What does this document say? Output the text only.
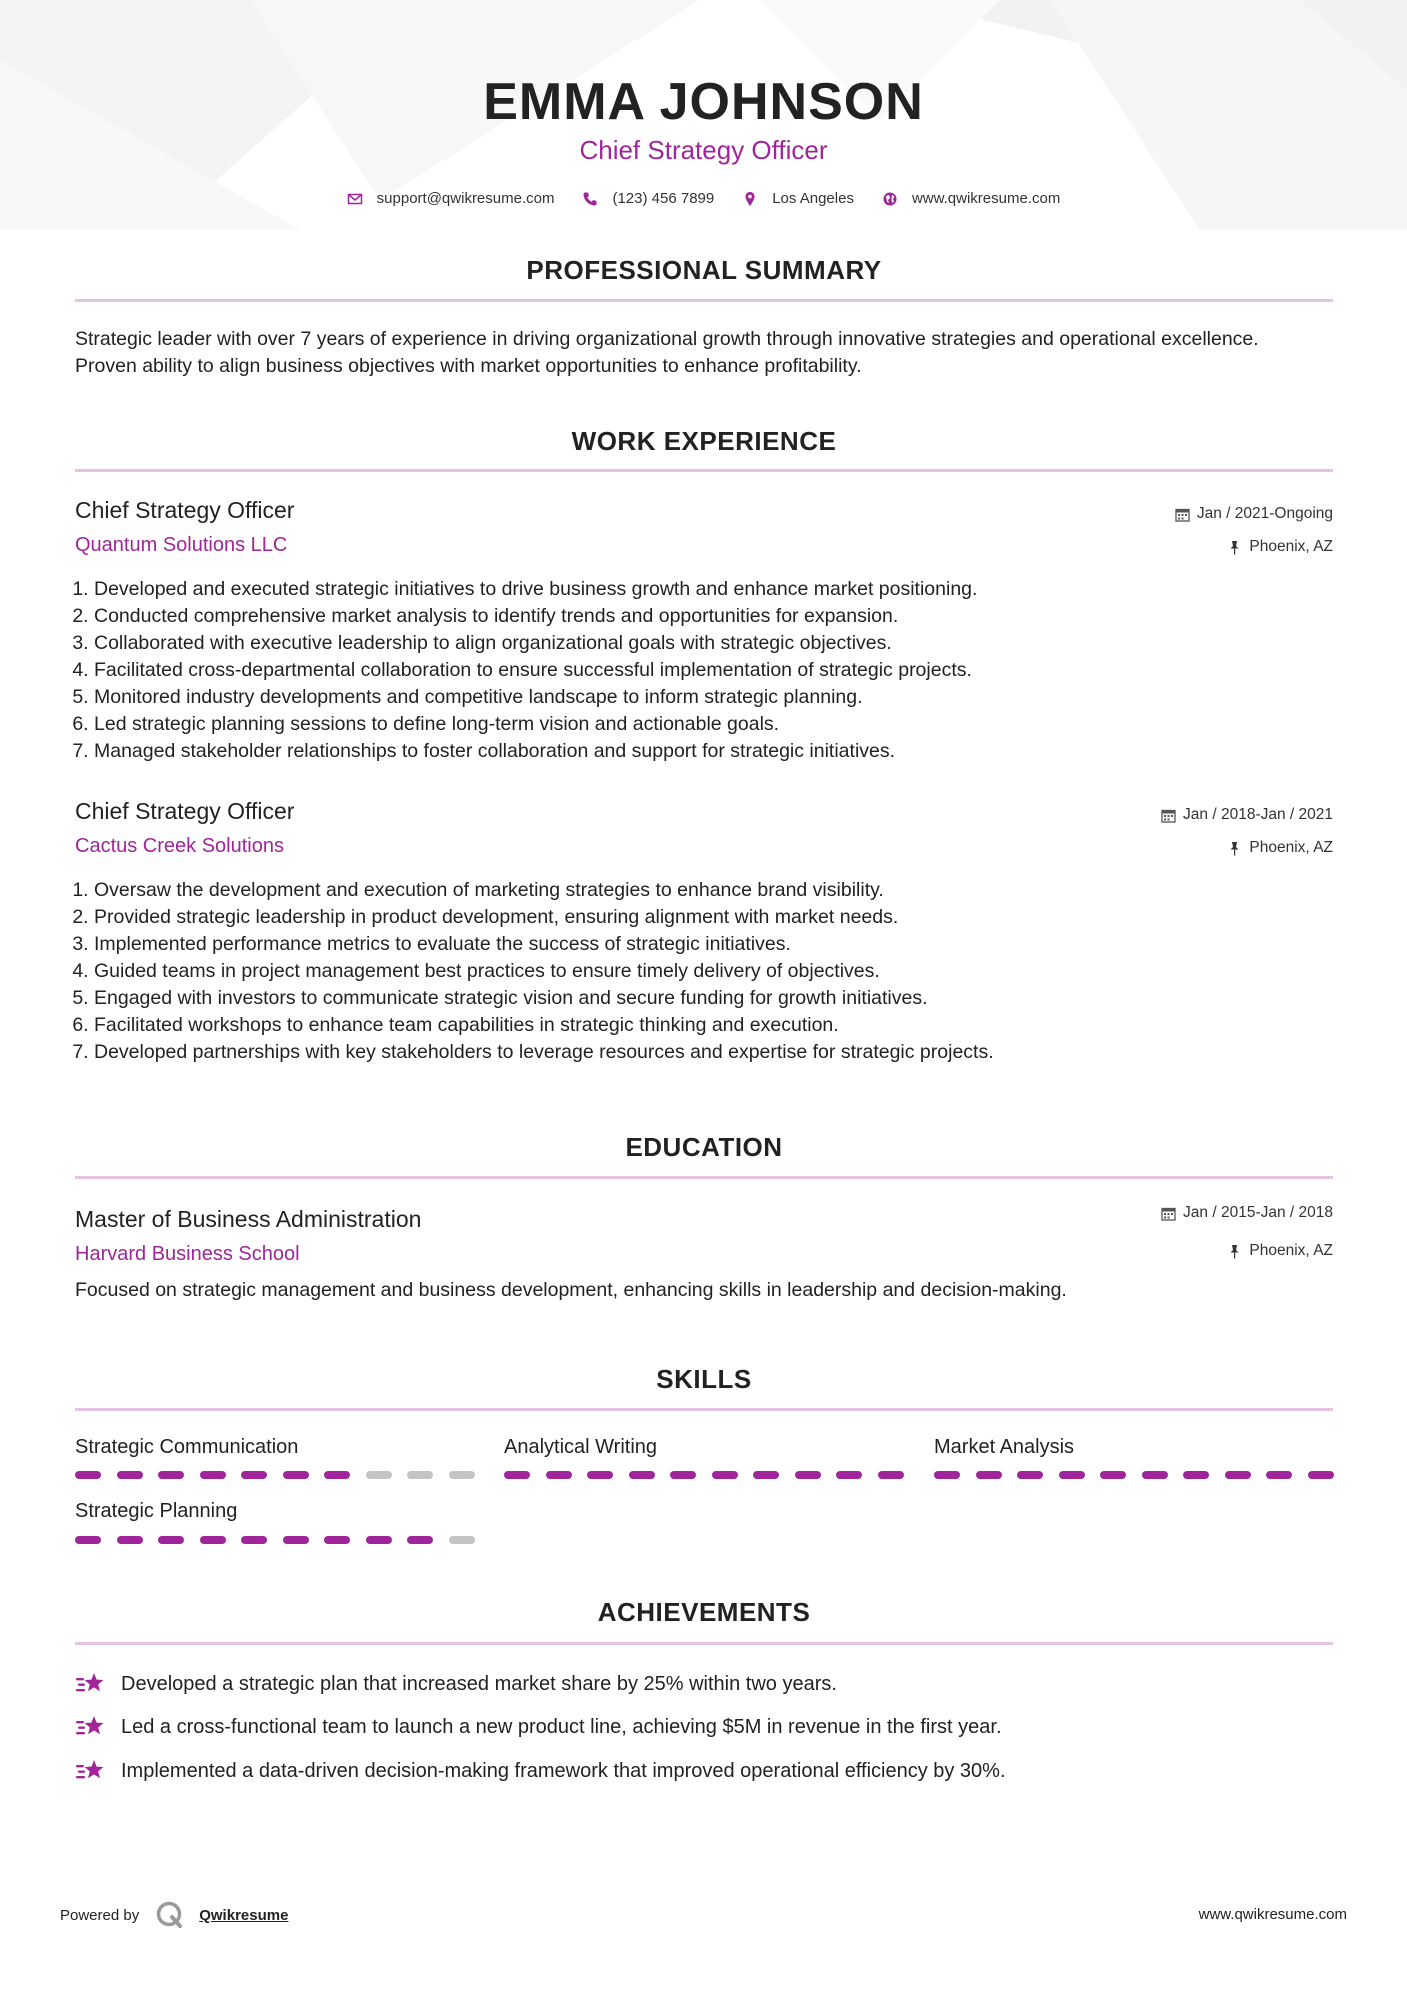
EMMA JOHNSON
Chief Strategy Officer
support@qwikresume.com	(123) 456 7899	Los Angeles	www.qwikresume.com
PROFESSIONAL SUMMARY
Strategic leader with over 7 years of experience in driving organizational growth through innovative strategies and operational excellence.
Proven ability to align business objectives with market opportunities to enhance profitability.
WORK EXPERIENCE
Chief Strategy Officer
Quantum Solutions LLC
Jan / 2021-Ongoing
Phoenix, AZ
1. Developed and executed strategic initiatives to drive business growth and enhance market positioning.
2. Conducted comprehensive market analysis to identify trends and opportunities for expansion.
3. Collaborated with executive leadership to align organizational goals with strategic objectives.
4. Facilitated cross-departmental collaboration to ensure successful implementation of strategic projects.
5. Monitored industry developments and competitive landscape to inform strategic planning.
6. Led strategic planning sessions to define long-term vision and actionable goals.
7. Managed stakeholder relationships to foster collaboration and support for strategic initiatives.
Chief Strategy Officer
Cactus Creek Solutions
Jan / 2018-Jan / 2021
Phoenix, AZ
1. Oversaw the development and execution of marketing strategies to enhance brand visibility.
2. Provided strategic leadership in product development, ensuring alignment with market needs.
3. Implemented performance metrics to evaluate the success of strategic initiatives.
4. Guided teams in project management best practices to ensure timely delivery of objectives.
5. Engaged with investors to communicate strategic vision and secure funding for growth initiatives.
6. Facilitated workshops to enhance team capabilities in strategic thinking and execution.
7. Developed partnerships with key stakeholders to leverage resources and expertise for strategic projects.
EDUCATION
Master of Business Administration
Harvard Business School
Jan / 2015-Jan / 2018
Phoenix, AZ
Focused on strategic management and business development, enhancing skills in leadership and decision-making.
SKILLS
Strategic Communication	Analytical Writing	Market Analysis
Strategic Planning
ACHIEVEMENTS
Developed a strategic plan that increased market share by 25% within two years.
Led a cross-functional team to launch a new product line, achieving $5M in revenue in the first year.
Implemented a data-driven decision-making framework that improved operational efficiency by 30%.
Powered by	Qwikresume	www.qwikresume.com
